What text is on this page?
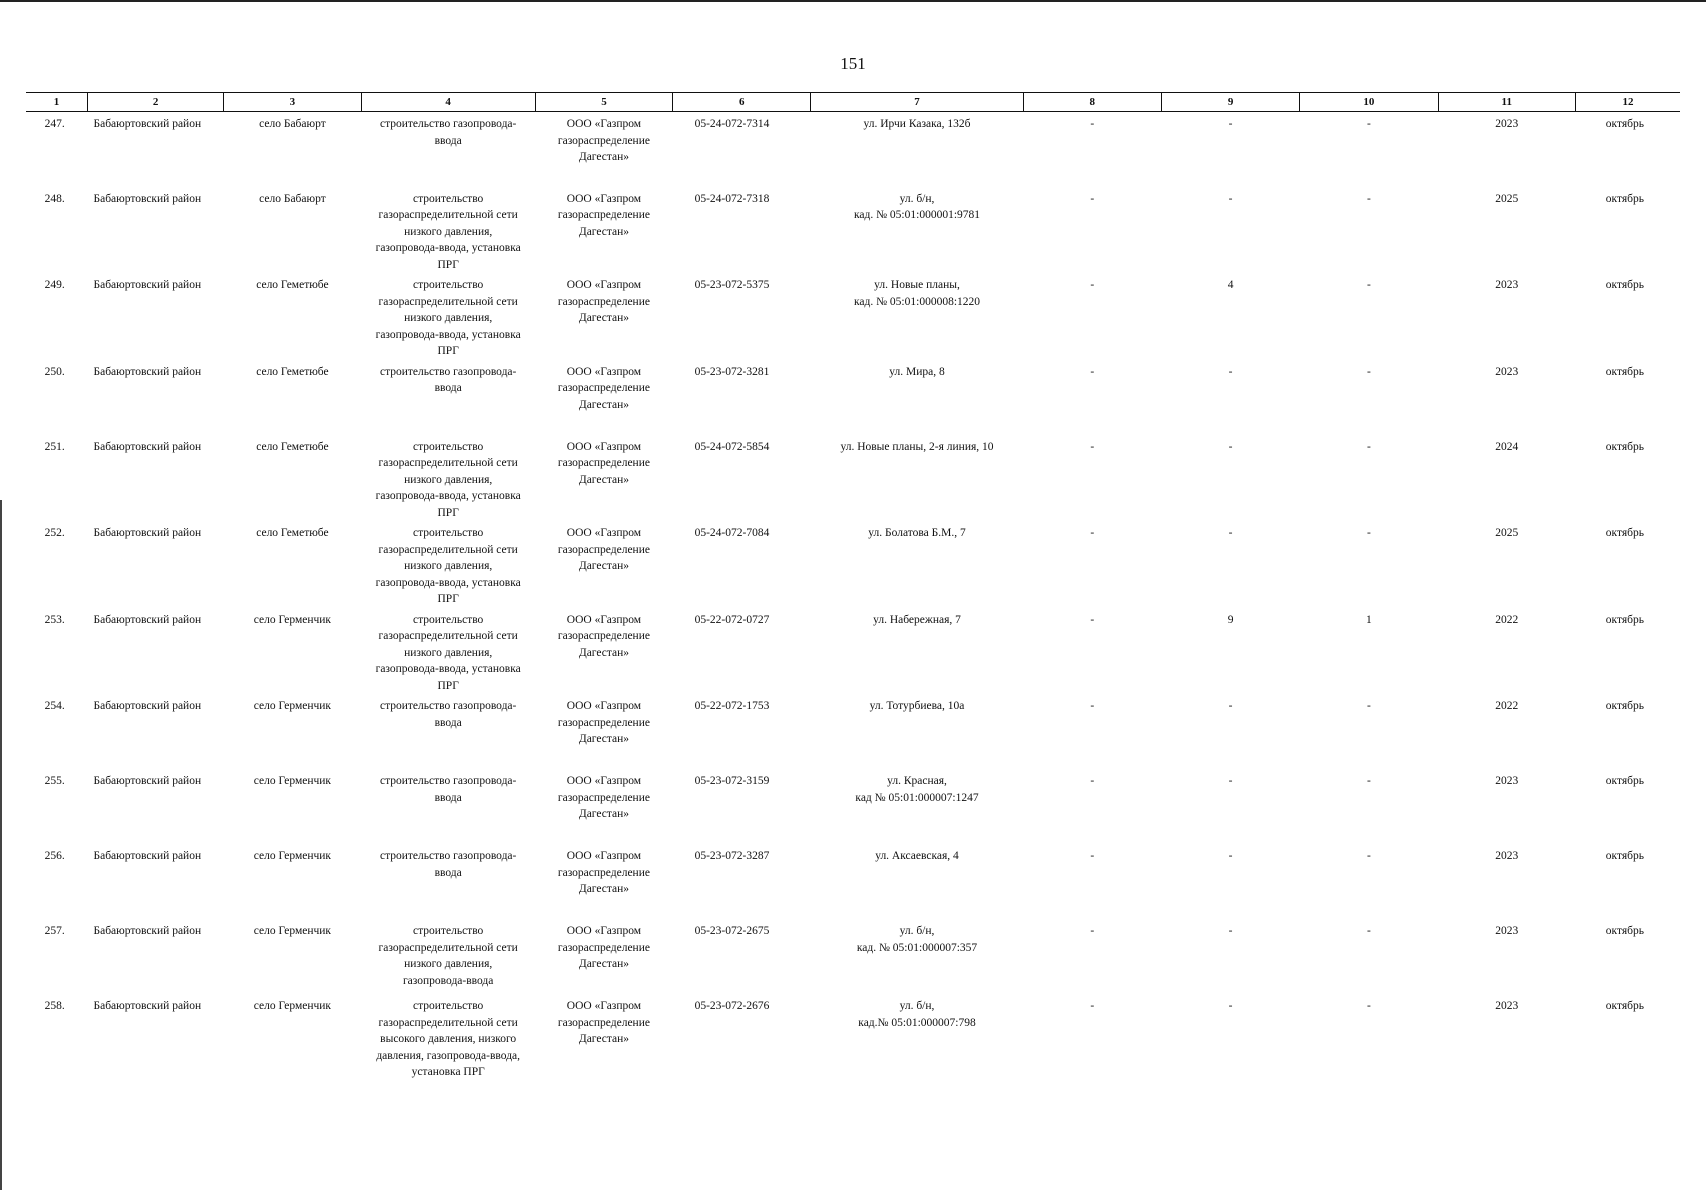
151
1	2	3	4	5	6	7	8	9	10	11	12
247.	Бабаюртовский район	село Бабаюрт	строительство газопровода-
ввода	ООО «Газпром
газораспределение
Дагестан»	05-24-072-7314	ул. Ирчи Казака, 132б	-	-	-	2023	октябрь
248.	Бабаюртовский район	село Бабаюрт	строительство
газораспределительной сети
низкого давления,
газопровода-ввода, установка
ПРГ	ООО «Газпром
газораспределение
Дагестан»	05-24-072-7318	ул. б/н,
кад. № 05:01:000001:9781	-	-	-	2025	октябрь
249.	Бабаюртовский район	село Геметюбе	строительство
газораспределительной сети
низкого давления,
газопровода-ввода, установка
ПРГ	ООО «Газпром
газораспределение
Дагестан»	05-23-072-5375	ул. Новые планы,
кад. № 05:01:000008:1220	-	4	-	2023	октябрь
250.	Бабаюртовский район	село Геметюбе	строительство газопровода-
ввода	ООО «Газпром
газораспределение
Дагестан»	05-23-072-3281	ул. Мира, 8	-	-	-	2023	октябрь
251.	Бабаюртовский район	село Геметюбе	строительство
газораспределительной сети
низкого давления,
газопровода-ввода, установка
ПРГ	ООО «Газпром
газораспределение
Дагестан»	05-24-072-5854	ул. Новые планы, 2-я линия, 10	-	-	-	2024	октябрь
252.	Бабаюртовский район	село Геметюбе	строительство
газораспределительной сети
низкого давления,
газопровода-ввода, установка
ПРГ	ООО «Газпром
газораспределение
Дагестан»	05-24-072-7084	ул. Болатова Б.М., 7	-	-	-	2025	октябрь
253.	Бабаюртовский район	село Герменчик	строительство
газораспределительной сети
низкого давления,
газопровода-ввода, установка
ПРГ	ООО «Газпром
газораспределение
Дагестан»	05-22-072-0727	ул. Набережная, 7	-	9	1	2022	октябрь
254.	Бабаюртовский район	село Герменчик	строительство газопровода-
ввода	ООО «Газпром
газораспределение
Дагестан»	05-22-072-1753	ул. Тотурбиева, 10а	-	-	-	2022	октябрь
255.	Бабаюртовский район	село Герменчик	строительство газопровода-
ввода	ООО «Газпром
газораспределение
Дагестан»	05-23-072-3159	ул. Красная,
кад № 05:01:000007:1247	-	-	-	2023	октябрь
256.	Бабаюртовский район	село Герменчик	строительство газопровода-
ввода	ООО «Газпром
газораспределение
Дагестан»	05-23-072-3287	ул. Аксаевская, 4	-	-	-	2023	октябрь
257.	Бабаюртовский район	село Герменчик	строительство
газораспределительной сети
низкого давления,
газопровода-ввода	ООО «Газпром
газораспределение
Дагестан»	05-23-072-2675	ул. б/н,
кад. № 05:01:000007:357	-	-	-	2023	октябрь
258.	Бабаюртовский район	село Герменчик	строительство
газораспределительной сети
высокого давления, низкого
давления, газопровода-ввода,
установка ПРГ	ООО «Газпром
газораспределение
Дагестан»	05-23-072-2676	ул. б/н,
кад.№ 05:01:000007:798	-	-	-	2023	октябрь
